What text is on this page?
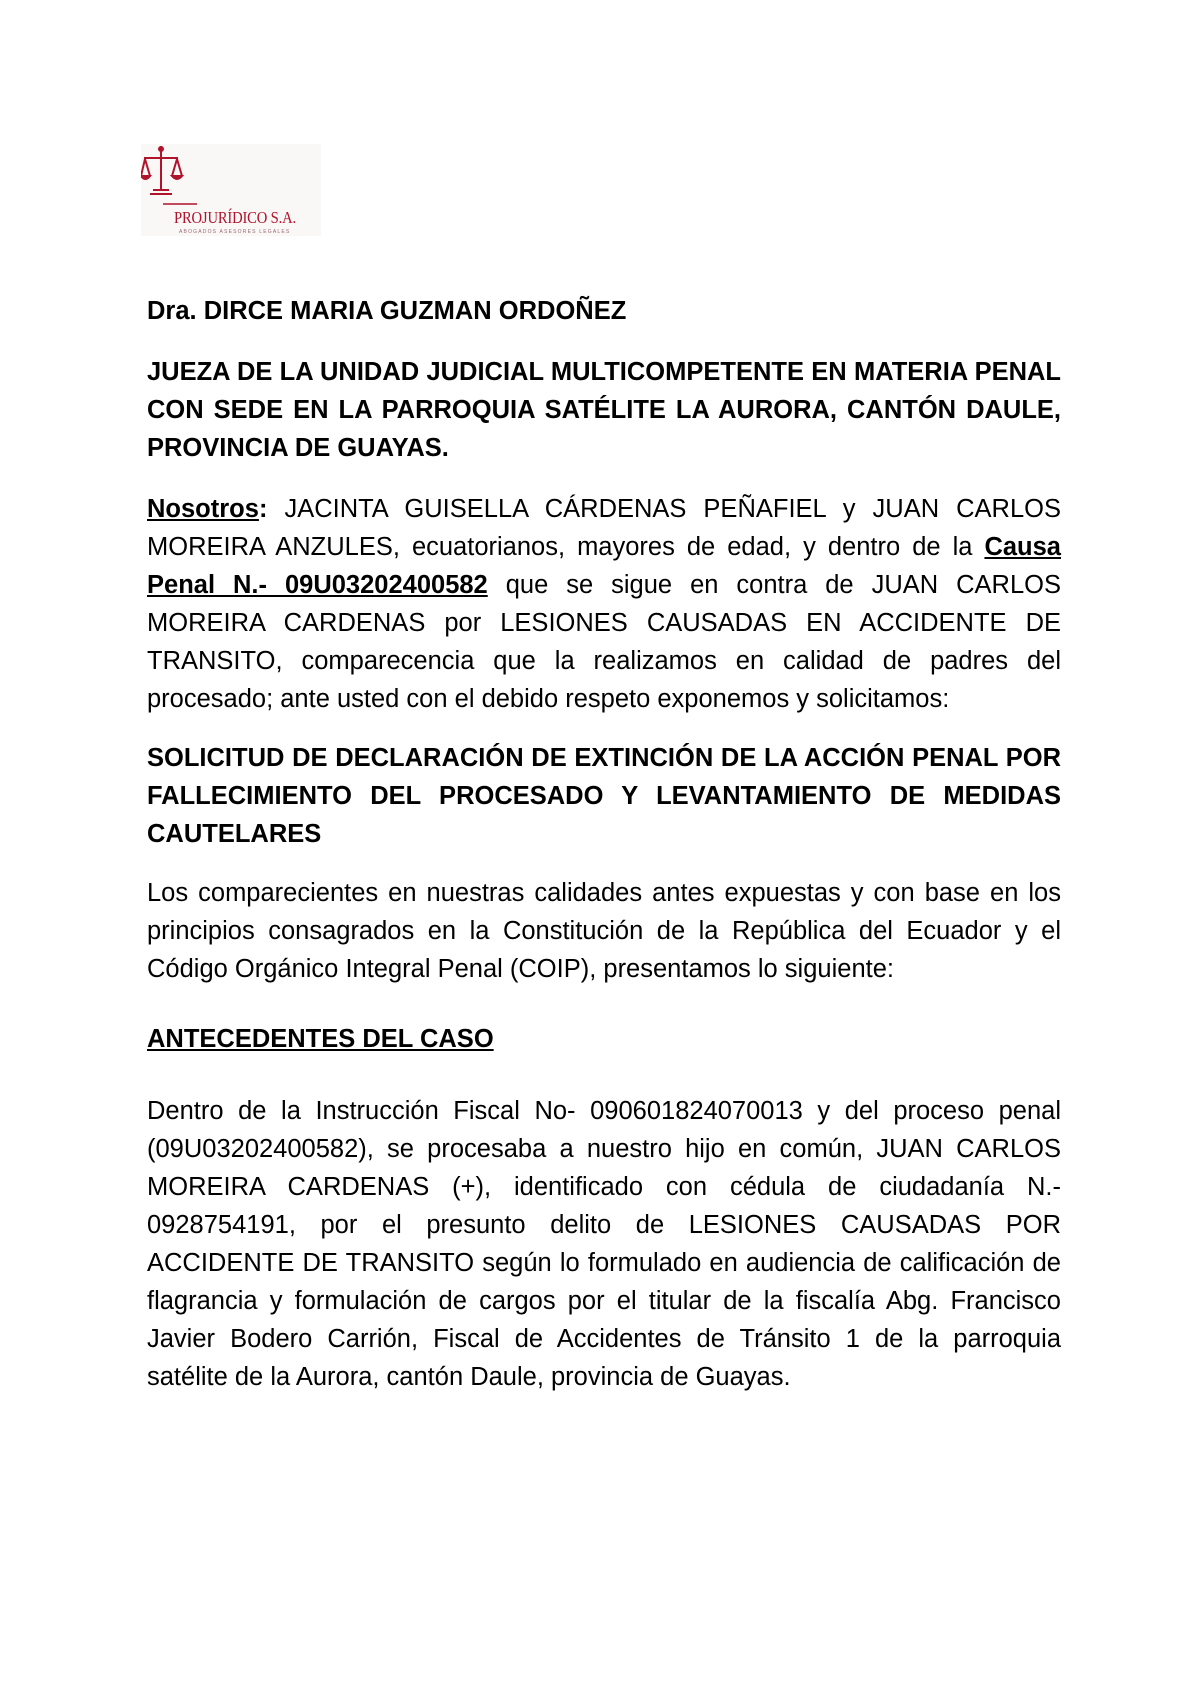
PROJURÍDICO S.A.
ABOGADOS ASESORES LEGALES

Dra. DIRCE MARIA GUZMAN ORDOÑEZ

JUEZA DE LA UNIDAD JUDICIAL MULTICOMPETENTE EN MATERIA PENAL CON SEDE EN LA PARROQUIA SATÉLITE LA AURORA, CANTÓN DAULE, PROVINCIA DE GUAYAS.

Nosotros: JACINTA GUISELLA CÁRDENAS PEÑAFIEL y JUAN CARLOS MOREIRA ANZULES, ecuatorianos, mayores de edad, y dentro de la Causa Penal N.- 09U03202400582 que se sigue en contra de JUAN CARLOS MOREIRA CARDENAS por LESIONES CAUSADAS EN ACCIDENTE DE TRANSITO, comparecencia que la realizamos en calidad de padres del procesado; ante usted con el debido respeto exponemos y solicitamos:

SOLICITUD DE DECLARACIÓN DE EXTINCIÓN DE LA ACCIÓN PENAL POR FALLECIMIENTO DEL PROCESADO Y LEVANTAMIENTO DE MEDIDAS CAUTELARES

Los comparecientes en nuestras calidades antes expuestas y con base en los principios consagrados en la Constitución de la República del Ecuador y el Código Orgánico Integral Penal (COIP), presentamos lo siguiente:

ANTECEDENTES DEL CASO

Dentro de la Instrucción Fiscal No- 090601824070013 y del proceso penal (09U03202400582), se procesaba a nuestro hijo en común, JUAN CARLOS MOREIRA CARDENAS (+), identificado con cédula de ciudadanía N.- 0928754191, por el presunto delito de LESIONES CAUSADAS POR ACCIDENTE DE TRANSITO según lo formulado en audiencia de calificación de flagrancia y formulación de cargos por el titular de la fiscalía Abg. Francisco Javier Bodero Carrión, Fiscal de Accidentes de Tránsito 1 de la parroquia satélite de la Aurora, cantón Daule, provincia de Guayas.
